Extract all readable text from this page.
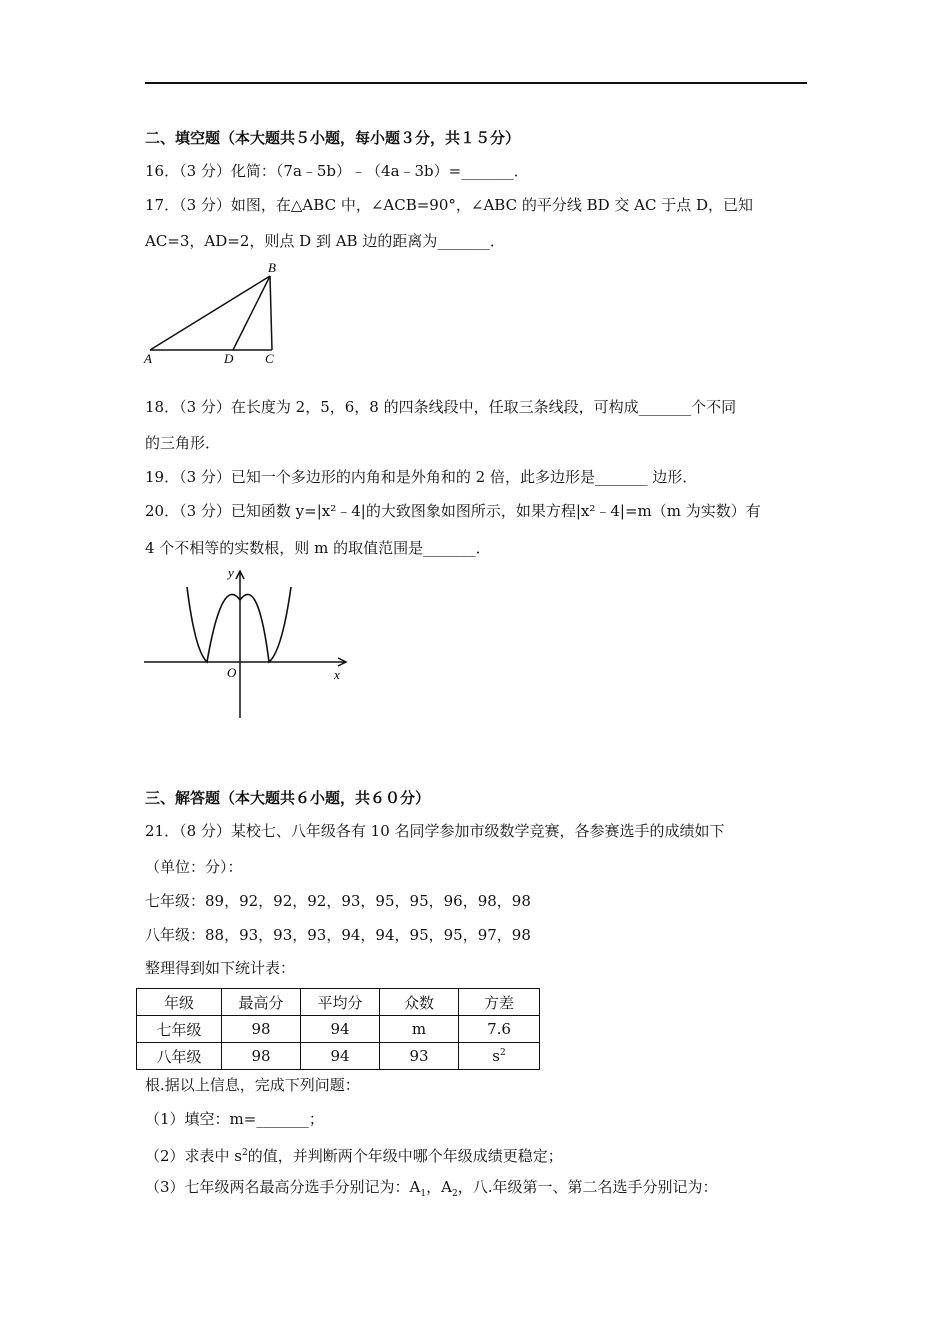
二、填空题（本大题共５小题，每小题３分，共１５分）
16．（3 分）化简：（7a﹣5b）﹣（4a﹣3b）=_______．
17．（3 分）如图，在△ABC 中，∠ACB=90°，∠ABC 的平分线 BD 交 AC 于点 D，已知
AC=3，AD=2，则点 D 到 AB 边的距离为_______．
B
A	D C
18．（3 分）在长度为 2，5，6，8 的四条线段中，任取三条线段，可构成_______个不同
的三角形．
19．（3 分）已知一个多边形的内角和是外角和的 2 倍，此多边形是_______ 边形．
20．（3 分）已知函数 y=|x²﹣4|的大致图象如图所示，如果方程|x²﹣4|=m（m 为实数）有
4 个不相等的实数根，则 m 的取值范围是_______．
y
x
O
三、解答题（本大题共６小题，共６０分）
21．（8 分）某校七、八年级各有 10 名同学参加市级数学竞赛，各参赛选手的成绩如下
（单位：分）：
七年级：89，92，92，92，93，95，95，96，98，98
八年级：88，93，93，93，94，94，95，95，97，98
整理得到如下统计表：
年级	最高分	平均分	众数	方差
七年级	98	94	m	7.6
八年级	98	94	93	$s^2$
根.据以上信息，完成下列问题：
（1）填空：m=_______；
（2）求表中 $s^2$的值，并判断两个年级中哪个年级成绩更稳定；
（3）七年级两名最高分选手分别记为：$A_1$，$A_2$，八.年级第一、第二名选手分别记为：
